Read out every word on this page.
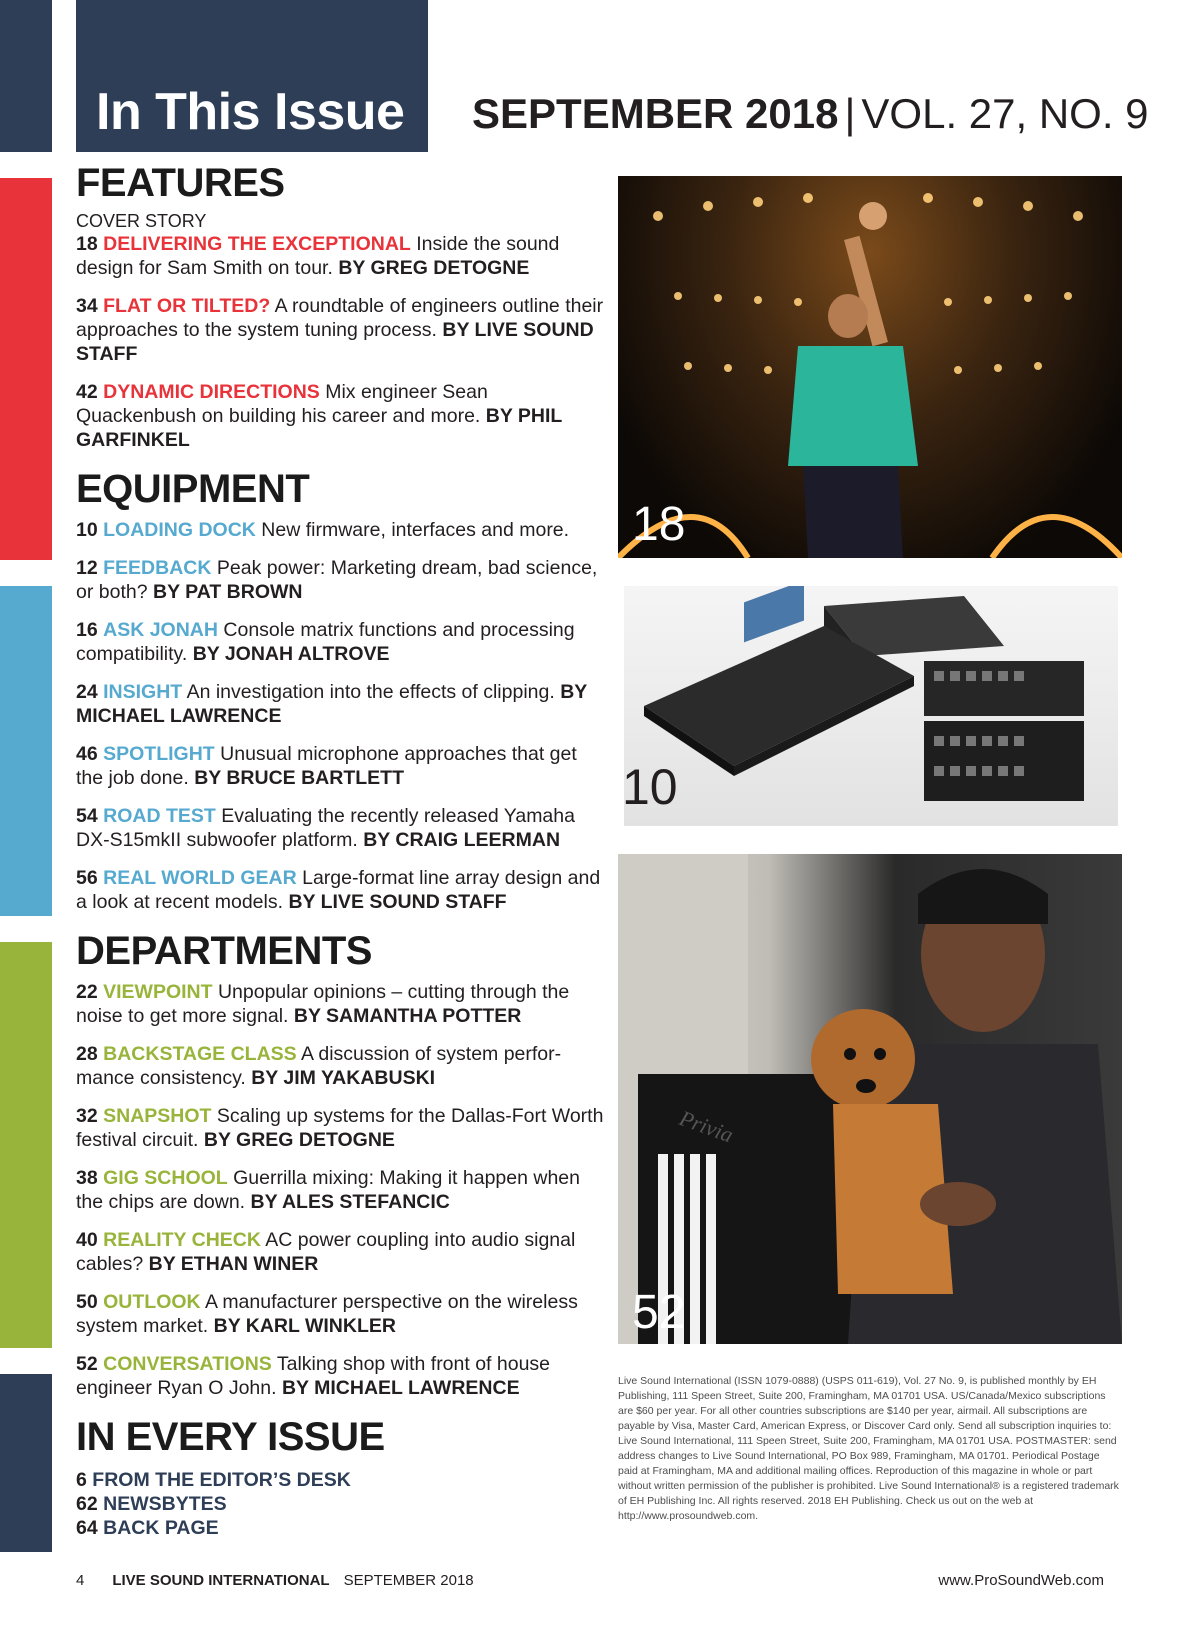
In This Issue SEPTEMBER 2018 | VOL. 27, NO. 9
FEATURES
COVER STORY
18 DELIVERING THE EXCEPTIONAL Inside the sound design for Sam Smith on tour. BY GREG DETOGNE
34 FLAT OR TILTED? A roundtable of engineers outline their approaches to the system tuning process. BY LIVE SOUND STAFF
42 DYNAMIC DIRECTIONS Mix engineer Sean Quackenbush on building his career and more. BY PHIL GARFINKEL
EQUIPMENT
10 LOADING DOCK New firmware, interfaces and more.
12 FEEDBACK Peak power: Marketing dream, bad science, or both? BY PAT BROWN
16 ASK JONAH Console matrix functions and processing compatibility. BY JONAH ALTROVE
24 INSIGHT An investigation into the effects of clipping. BY MICHAEL LAWRENCE
46 SPOTLIGHT Unusual microphone approaches that get the job done. BY BRUCE BARTLETT
54 ROAD TEST Evaluating the recently released Yamaha DX-S15mkII subwoofer platform. BY CRAIG LEERMAN
56 REAL WORLD GEAR Large-format line array design and a look at recent models. BY LIVE SOUND STAFF
DEPARTMENTS
22 VIEWPOINT Unpopular opinions – cutting through the noise to get more signal. BY SAMANTHA POTTER
28 BACKSTAGE CLASS A discussion of system perfor-mance consistency. BY JIM YAKABUSKI
32 SNAPSHOT Scaling up systems for the Dallas-Fort Worth festival circuit. BY GREG DETOGNE
38 GIG SCHOOL Guerrilla mixing: Making it happen when the chips are down. BY ALES STEFANCIC
40 REALITY CHECK AC power coupling into audio signal cables? BY ETHAN WINER
50 OUTLOOK A manufacturer perspective on the wireless system market. BY KARL WINKLER
52 CONVERSATIONS Talking shop with front of house engineer Ryan O John. BY MICHAEL LAWRENCE
IN EVERY ISSUE
6 FROM THE EDITOR’S DESK
62 NEWSBYTES
64 BACK PAGE
18
10
Privia
52
Live Sound International (ISSN 1079-0888) (USPS 011-619), Vol. 27 No. 9, is published monthly by EH Publishing, 111 Speen Street, Suite 200, Framingham, MA 01701 USA. US/Canada/Mexico subscriptions are $60 per year. For all other countries subscriptions are $140 per year, airmail. All subscriptions are payable by Visa, Master Card, American Express, or Discover Card only. Send all subscription inquiries to: Live Sound International, 111 Speen Street, Suite 200, Framingham, MA 01701 USA. POSTMASTER: send address changes to Live Sound International, PO Box 989, Framingham, MA 01701. Periodical Postage paid at Framingham, MA and additional mailing offices. Reproduction of this magazine in whole or part without written permission of the publisher is prohibited. Live Sound International® is a registered trademark of EH Publishing Inc. All rights reserved. 2018 EH Publishing. Check us out on the web at http://www.prosoundweb.com.
4 LIVE SOUND INTERNATIONAL SEPTEMBER 2018	www.ProSoundWeb.com
